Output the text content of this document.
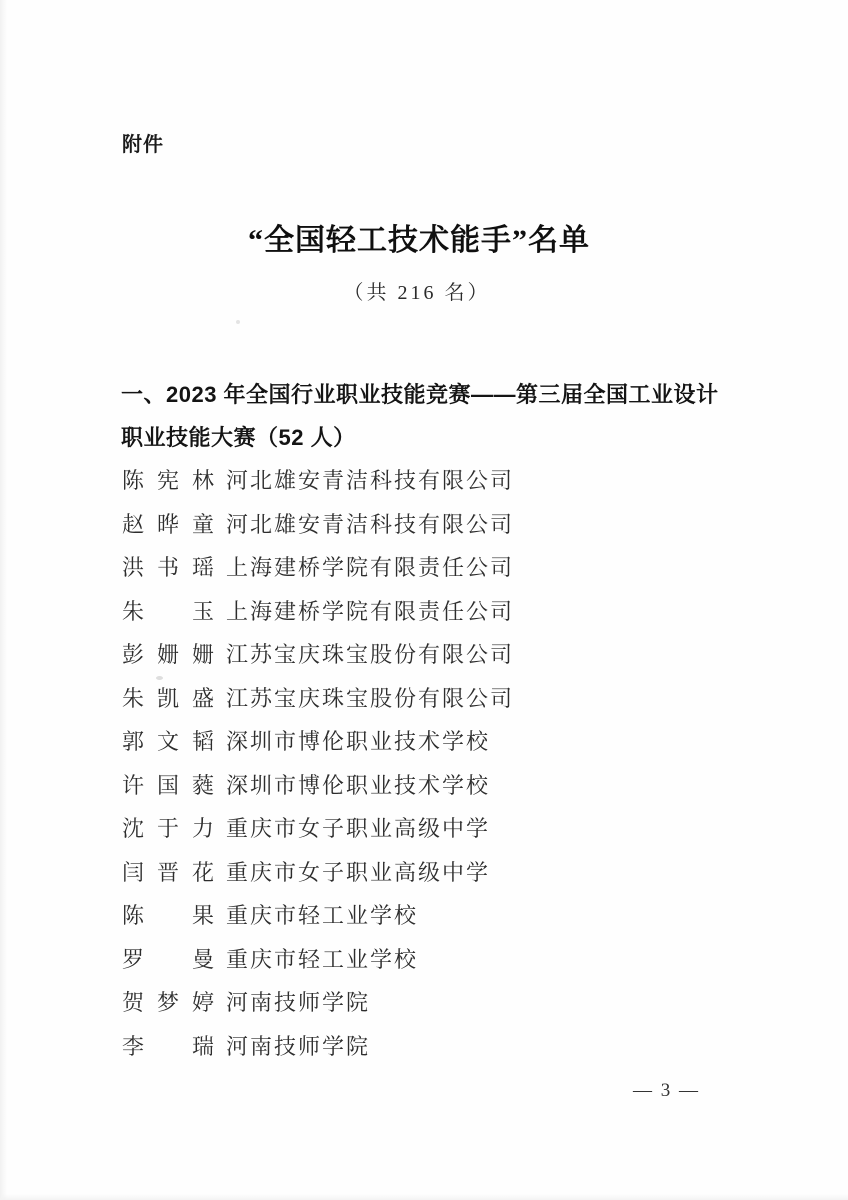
附件
“全国轻工技术能手”名单
（共 216 名）
一、2023 年全国行业职业技能竞赛——第三届全国工业设计
职业技能大赛（52 人）
陈宪林 河北雄安青洁科技有限公司
赵晔童 河北雄安青洁科技有限公司
洪书瑶 上海建桥学院有限责任公司
朱玉 上海建桥学院有限责任公司
彭姗姗 江苏宝庆珠宝股份有限公司
朱凯盛 江苏宝庆珠宝股份有限公司
郭文韬 深圳市博伦职业技术学校
许国蕤 深圳市博伦职业技术学校
沈于力 重庆市女子职业高级中学
闫晋花 重庆市女子职业高级中学
陈果 重庆市轻工业学校
罗曼 重庆市轻工业学校
贺梦婷 河南技师学院
李瑞 河南技师学院
— 3 —
